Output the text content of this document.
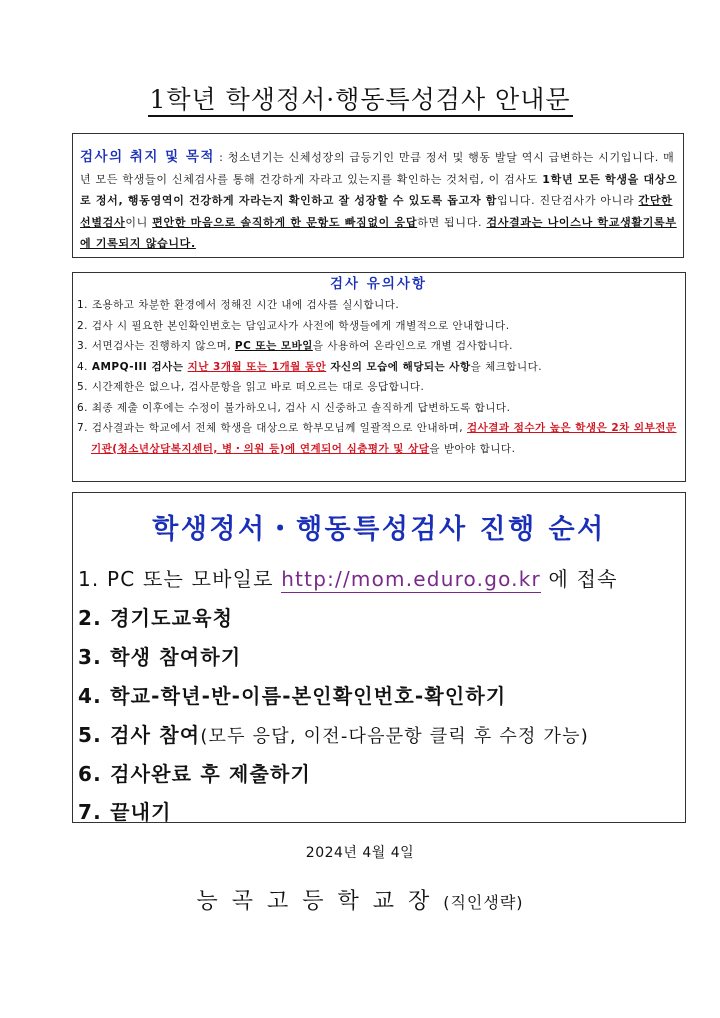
1학년 학생정서·행동특성검사 안내문
검사의 취지 및 목적 : 청소년기는 신체성장의 급등기인 만큼 정서 및 행동 발달 역시 급변하는 시기입니다. 매년 모든 학생들이 신체검사를 통해 건강하게 자라고 있는지를 확인하는 것처럼, 이 검사도 1학년 모든 학생을 대상으로 정서, 행동영역이 건강하게 자라는지 확인하고 잘 성장할 수 있도록 돕고자 함입니다. 진단검사가 아니라 간단한 선별검사이니 편안한 마음으로 솔직하게 한 문항도 빠짐없이 응답하면 됩니다. 검사결과는 나이스나 학교생활기록부에 기록되지 않습니다.
검사 유의사항
1. 조용하고 차분한 환경에서 정해진 시간 내에 검사를 실시합니다.
2. 검사 시 필요한 본인확인번호는 담임교사가 사전에 학생들에게 개별적으로 안내합니다.
3. 서면검사는 진행하지 않으며, PC 또는 모바일을 사용하여 온라인으로 개별 검사합니다.
4. AMPQ-III 검사는 지난 3개월 또는 1개월 동안 자신의 모습에 해당되는 사항을 체크합니다.
5. 시간제한은 없으나, 검사문항을 읽고 바로 떠오르는 대로 응답합니다.
6. 최종 제출 이후에는 수정이 불가하오니, 검사 시 신중하고 솔직하게 답변하도록 합니다.
7. 검사결과는 학교에서 전체 학생을 대상으로 학부모님께 일괄적으로 안내하며, 검사결과 점수가 높은 학생은 2차 외부전문기관(청소년상담복지센터, 병・의원 등)에 연계되어 심층평가 및 상담을 받아야 합니다.
학생정서・행동특성검사 진행 순서
1. PC 또는 모바일로 http://mom.eduro.go.kr 에 접속
2. 경기도교육청
3. 학생 참여하기
4. 학교-학년-반-이름-본인확인번호-확인하기
5. 검사 참여(모두 응답, 이전-다음문항 클릭 후 수정 가능)
6. 검사완료 후 제출하기
7. 끝내기
2024년 4월 4일
능곡고등학교장(직인생략)
